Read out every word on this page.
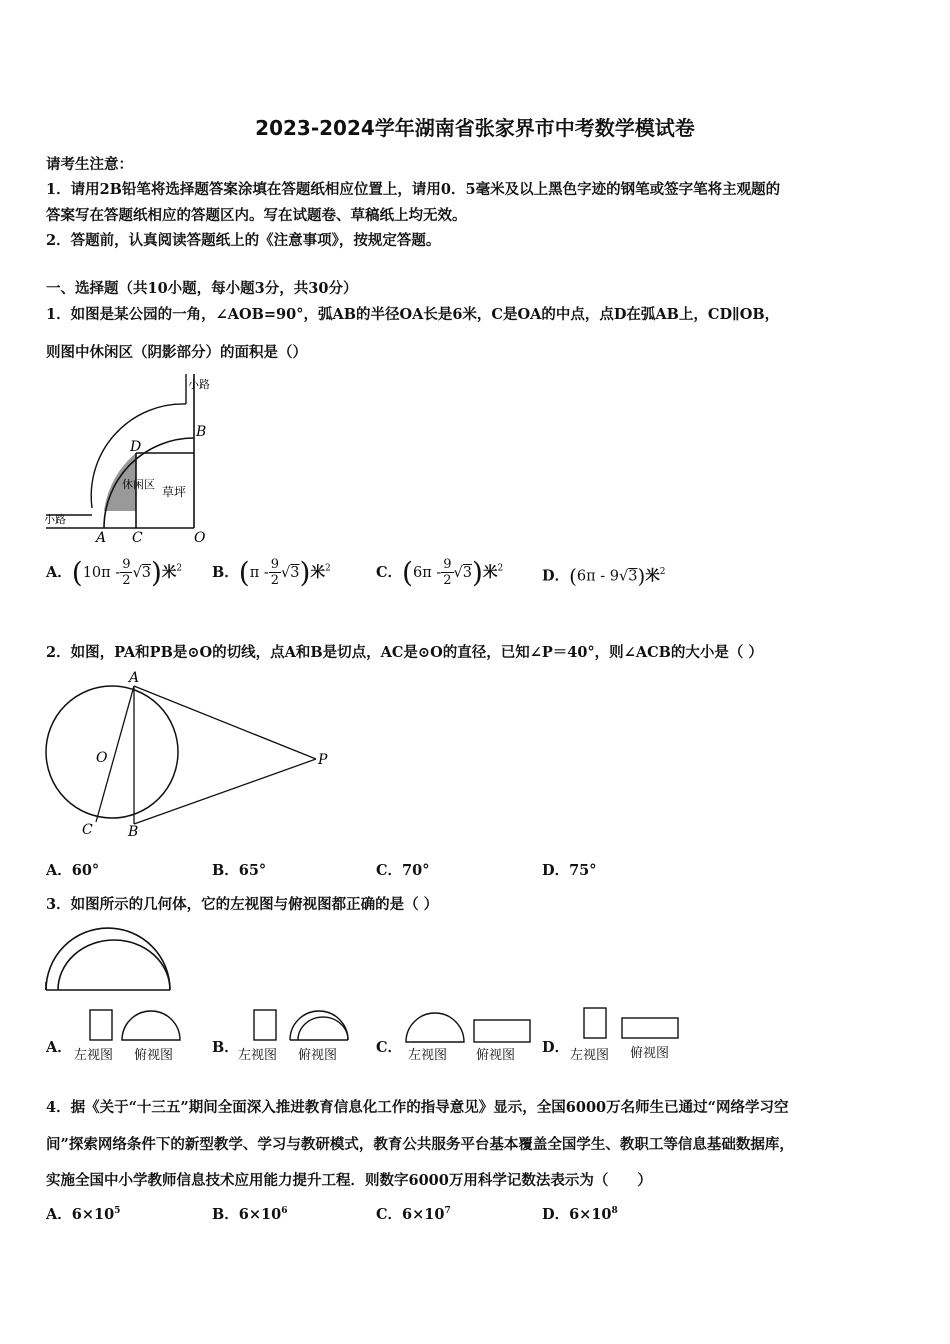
2023-2024学年湖南省张家界市中考数学模试卷
请考生注意：
1．请用2B铅笔将选择题答案涂填在答题纸相应位置上，请用0．5毫米及以上黑色字迹的钢笔或签字笔将主观题的
答案写在答题纸相应的答题区内。写在试题卷、草稿纸上均无效。
2．答题前，认真阅读答题纸上的《注意事项》，按规定答题。
一、选择题（共10小题，每小题3分，共30分）
1．如图是某公园的一角，∠AOB=90°，弧AB的半径OA长是6米，C是OA的中点，点D在弧AB上，CD∥OB，
则图中休闲区（阴影部分）的面积是（）
小路
小路
休闲区
草坪
D
B
A C	O
A．$(10\pi - \frac{9}{2} √3)$米$^2$ B．$(\pi - \frac{9}{2} √3)$米$^2$	C．$(6\pi - \frac{9}{2} √3)$米$^2$	D．(6π - 9√3)米$^2$
2．如图，PA和PB是⊙O的切线，点A和B是切点，AC是⊙O的直径，已知∠P＝40°，则∠ACB的大小是（ ）
A
O	P
C	B
A．60°	B．65°	C．70°	D．75°
3．如图所示的几何体，它的左视图与俯视图都正确的是（ ）
A． 左视图 俯视图	B． 左视图 俯视图	C． 左视图 俯视图 D． 左视图 俯视图
4．据《关于“十三五”期间全面深入推进教育信息化工作的指导意见》显示，全国6000万名师生已通过“网络学习空
间”探索网络条件下的新型教学、学习与教研模式，教育公共服务平台基本覆盖全国学生、教职工等信息基础数据库，
实施全国中小学教师信息技术应用能力提升工程．则数字6000万用科学记数法表示为（　　）
A．$6\times 10^5$	B．$6\times 10^6$	C．$6\times 10^7$	D．$6\times 10^8$
